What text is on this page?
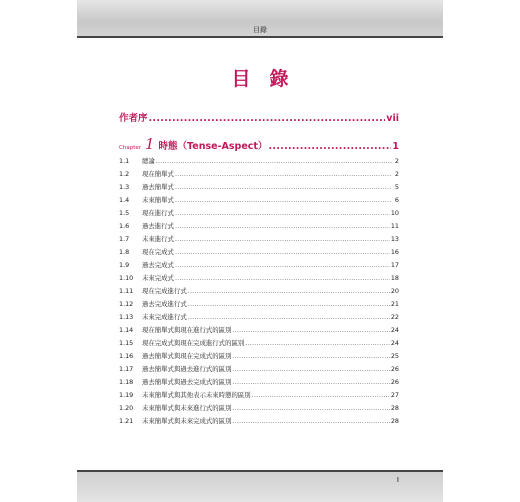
目錄
目　錄
作者序 .....	vii
Chapter 1 時態（Tense-Aspect） .....	1
1.1	總論 .....	2
1.2	現在簡單式 .....	2
1.3	過去簡單式 .....	5
1.4	未來簡單式 .....	6
1.5	現在進行式 .....	10
1.6	過去進行式 .....	11
1.7	未來進行式 .....	13
1.8	現在完成式 .....	16
1.9	過去完成式 .....	17
1.10	未來完成式 .....	18
1.11	現在完成進行式 .....	20
1.12	過去完成進行式 .....	21
1.13	未來完成進行式 .....	22
1.14	現在簡單式與現在進行式的區別 .....	24
1.15	現在完成式與現在完成進行式的區別 .....	24
1.16	過去簡單式與現在完成式的區別 .....	25
1.17	過去簡單式與過去進行式的區別 .....	26
1.18	過去簡單式與過去完成式的區別 .....	26
1.19	未來簡單式與其他表示未來時態的區別 .....	27
1.20	未來簡單式與未來進行式的區別 .....	28
1.21	未來簡單式與未來完成式的區別 .....	28
I
